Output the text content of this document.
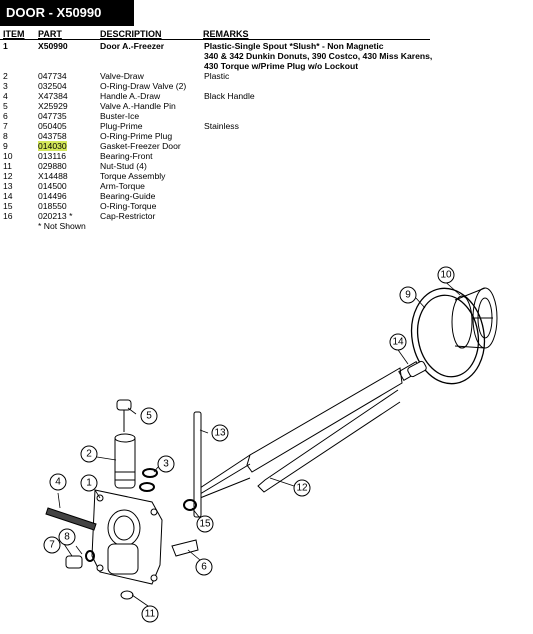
DOOR - X50990
ITEM PART	DESCRIPTION	REMARKS
1	X50990	Door A.-Freezer	Plastic-Single Spout *Slush* - Non Magnetic
			340 & 342 Dunkin Donuts, 390 Costco, 430 Miss Karens,
			430 Torque w/Prime Plug w/o Lockout
2	047734	Valve-Draw	Plastic
3	032504	O-Ring-Draw Valve (2)	
4	X47384	Handle A.-Draw	Black Handle
5	X25929	Valve A.-Handle Pin	
6	047735	Buster-Ice	
7	050405	Plug-Prime	Stainless
8	043758	O-Ring-Prime Plug	
9	014030	Gasket-Freezer Door	
10	013116	Bearing-Front	
11	029880	Nut-Stud (4)	
12	X14488	Torque Assembly	
13	014500	Arm-Torque	
14	014496	Bearing-Guide	
15	018550	O-Ring-Torque	
16	020213 *	Cap-Restrictor	
* Not Shown
1
2
3
4
5
6
7
8
9
10
11
12
13
14
15
